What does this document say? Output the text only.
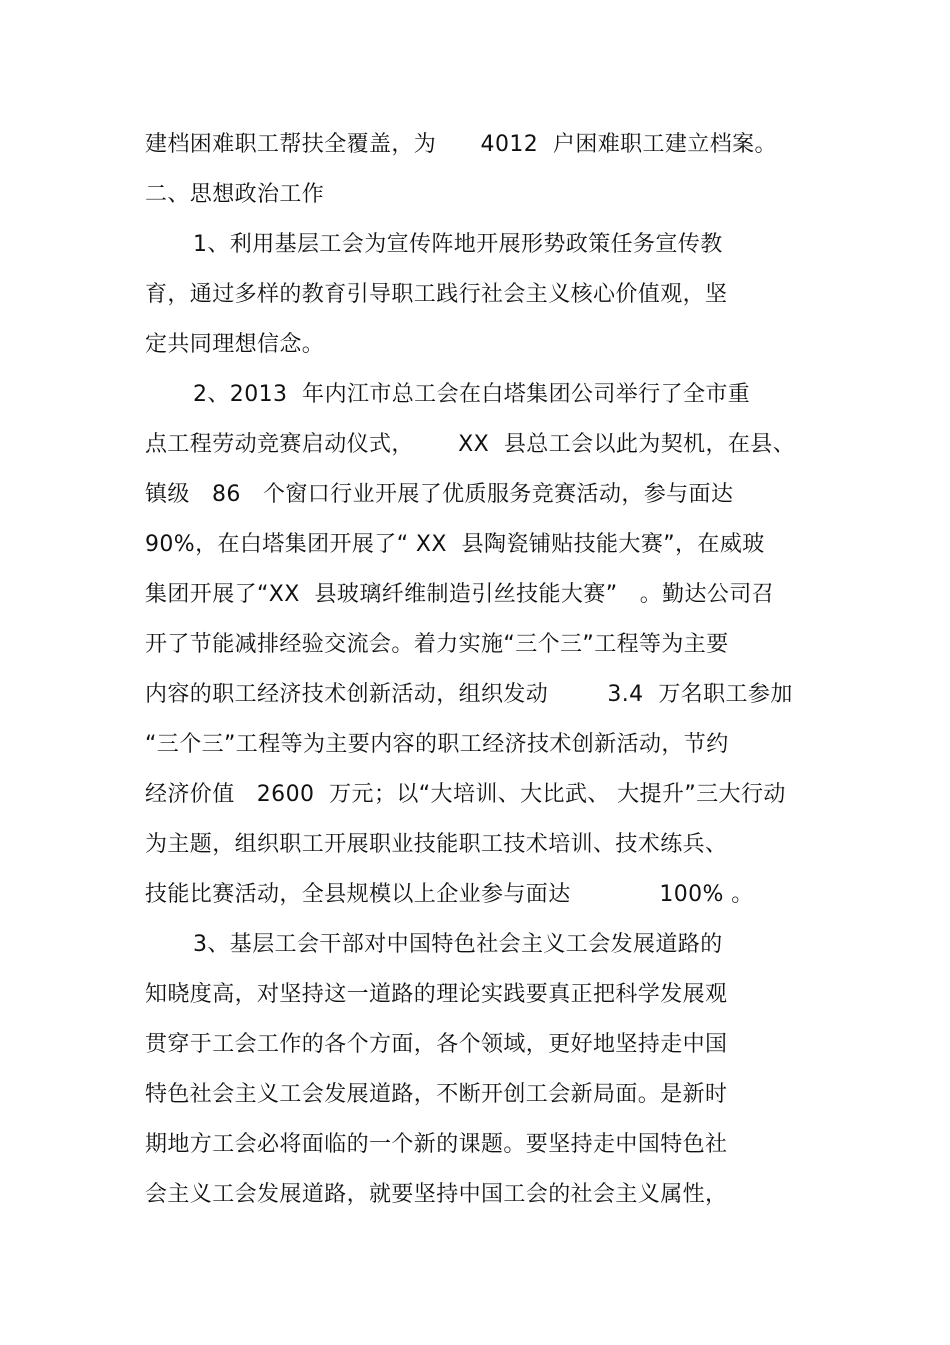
建档困难职工帮扶全覆盖，为      4012  户困难职工建立档案。
二、思想政治工作
1、利用基层工会为宣传阵地开展形势政策任务宣传教
育，通过多样的教育引导职工践行社会主义核心价值观，坚
定共同理想信念。
2、2013  年内江市总工会在白塔集团公司举行了全市重
点工程劳动竞赛启动仪式，      XX  县总工会以此为契机，在县、
镇级   86   个窗口行业开展了优质服务竞赛活动，参与面达
90%，在白塔集团开展了“ XX  县陶瓷铺贴技能大赛”，在威玻
集团开展了“XX  县玻璃纤维制造引丝技能大赛”   。勤达公司召
开了节能减排经验交流会。着力实施“三个三”工程等为主要
内容的职工经济技术创新活动，组织发动        3.4  万名职工参加
“三个三”工程等为主要内容的职工经济技术创新活动，节约
经济价值   2600  万元；以“大培训、大比武、 大提升”三大行动
为主题，组织职工开展职业技能职工技术培训、技术练兵、
技能比赛活动，全县规模以上企业参与面达            100% 。
3、基层工会干部对中国特色社会主义工会发展道路的
知晓度高，对坚持这一道路的理论实践要真正把科学发展观
贯穿于工会工作的各个方面，各个领域，更好地坚持走中国
特色社会主义工会发展道路，不断开创工会新局面。是新时
期地方工会必将面临的一个新的课题。要坚持走中国特色社
会主义工会发展道路，就要坚持中国工会的社会主义属性，
